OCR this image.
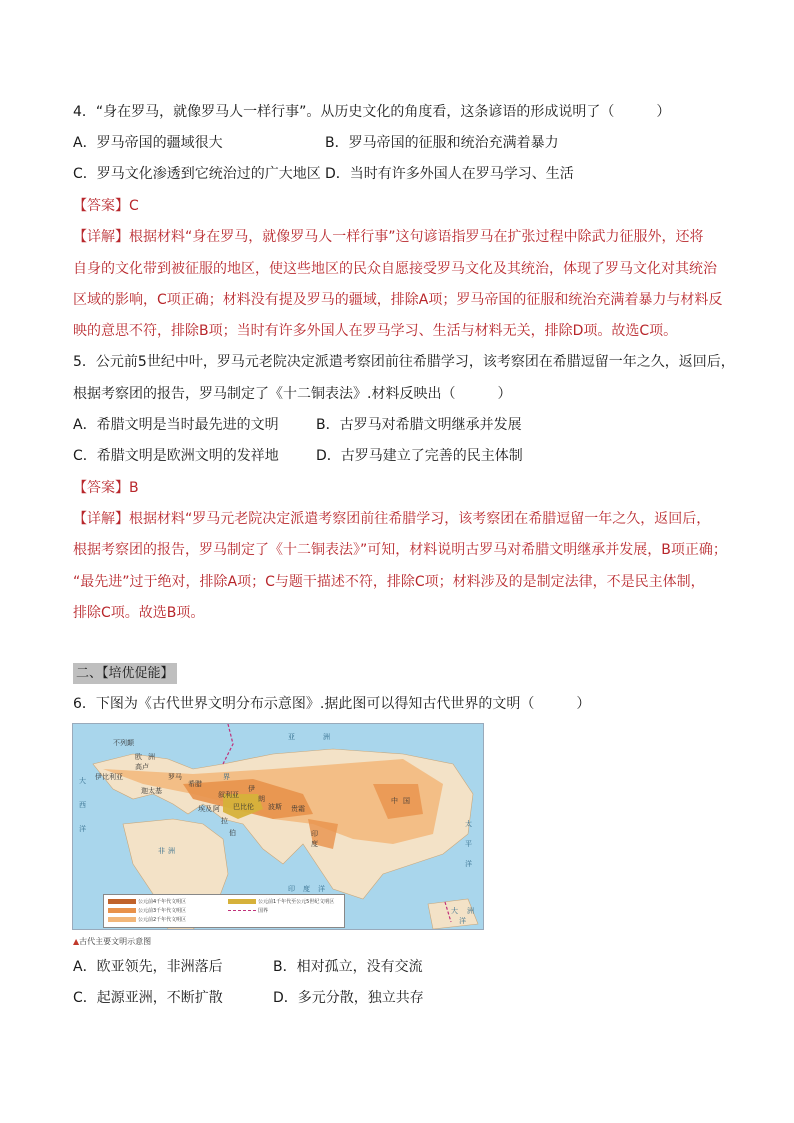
4．“身在罗马，就像罗马人一样行事”。从历史文化的角度看，这条谚语的形成说明了（　　　）
A．罗马帝国的疆域很大	B．罗马帝国的征服和统治充满着暴力
C．罗马文化渗透到它统治过的广大地区 D．当时有许多外国人在罗马学习、生活
【答案】C
【详解】根据材料“身在罗马，就像罗马人一样行事”这句谚语指罗马在扩张过程中除武力征服外，还将
自身的文化带到被征服的地区，使这些地区的民众自愿接受罗马文化及其统治，体现了罗马文化对其统治
区域的影响，C项正确；材料没有提及罗马的疆域，排除A项；罗马帝国的征服和统治充满着暴力与材料反
映的意思不符，排除B项；当时有许多外国人在罗马学习、生活与材料无关，排除D项。故选C项。
5．公元前5世纪中叶，罗马元老院决定派遣考察团前往希腊学习，该考察团在希腊逗留一年之久，返回后，
根据考察团的报告，罗马制定了《十二铜表法》.材料反映出（　　　）
A．希腊文明是当时最先进的文明	B．古罗马对希腊文明继承并发展
C．希腊文明是欧洲文明的发祥地	D．古罗马建立了完善的民主体制
【答案】B
【详解】根据材料“罗马元老院决定派遣考察团前往希腊学习，该考察团在希腊逗留一年之久，返回后，
根据考察团的报告，罗马制定了《十二铜表法》”可知，材料说明古罗马对希腊文明继承并发展，B项正确；
“最先进”过于绝对，排除A项；C与题干描述不符，排除C项；材料涉及的是制定法律，不是民主体制，
排除C项。故选B项。
二、【培优促能】
6．下图为《古代世界文明分布示意图》.据此图可以得知古代世界的文明（　　　）
大
西
洋
非 洲
欧 洲
亚	洲
印 度 洋
太
平
洋
大
洋
洲
不列颠
高卢
伊比利亚
伊
朗	中 国
印
度
阿
拉
伯
埃及	巴比伦 波斯
罗马
希腊
迦太基
贵霜
界
叙利亚
公元前4千年代文明区	公元前1千年代至公元5世纪文明区
公元前3千年代文明区	国界
公元前2千年代文明区
▲古代主要文明示意图
A．欧亚领先，非洲落后	B．相对孤立，没有交流
C．起源亚洲，不断扩散	D．多元分散，独立共存
